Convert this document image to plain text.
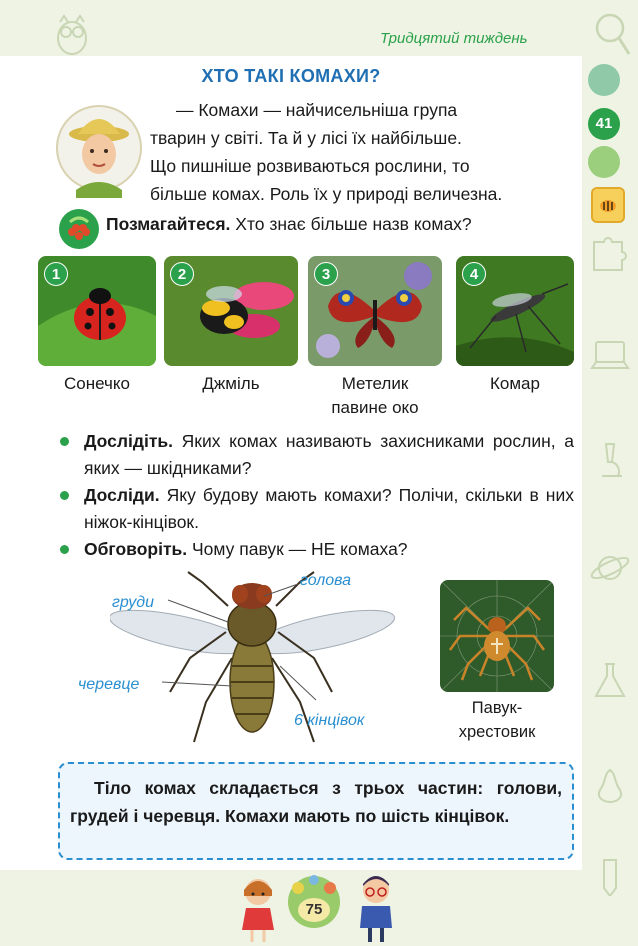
Тридцятий тиждень
41
ХТО ТАКІ КОМАХИ?
— Комахи — найчисельніша група
тварин у світі. Та й у лісі їх найбільше.
Що пишніше розвиваються рослини, то
більше комах. Роль їх у природі величезна.
Позмагайтеся. Хто знає більше назв комах?
1	2	3	4
Сонечко	Джміль	Метелик
павине око
Комар
Дослідіть. Яких комах називають захисниками рослин, а яких — шкідниками?
Досліди. Яку будову мають комахи? Полічи, скільки в них ніжок-кінцівок.
Обговоріть. Чому павук — НЕ комаха?
голова
груди
черевце
6 кінцівок
Павук-
хрестовик
Тіло комах складається з трьох частин: голови, грудей і черевця. Комахи мають по шість кінцівок.
75
